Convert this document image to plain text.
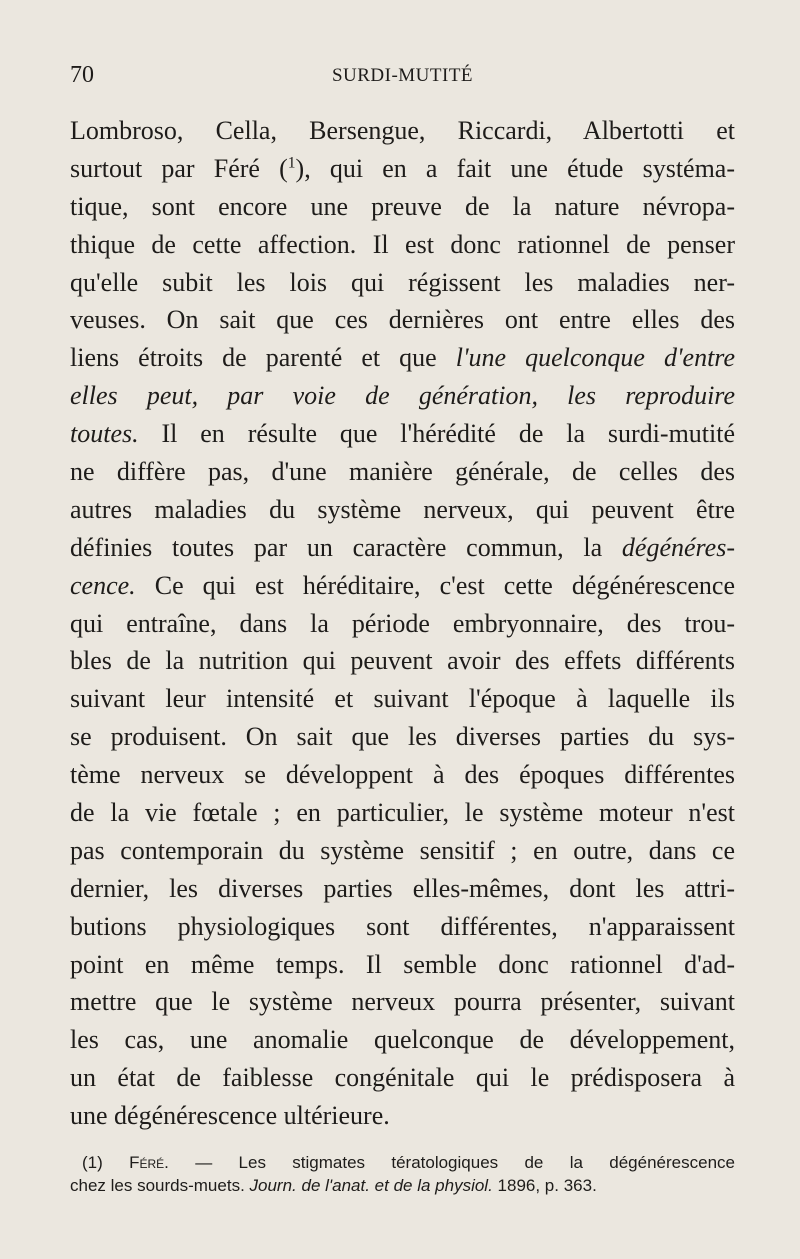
70	SURDI-MUTITÉ
Lombroso, Cella, Bersengue, Riccardi, Albertotti et
surtout par Féré ($^1$), qui en a fait une étude systéma-
tique, sont encore une preuve de la nature névropa-
thique de cette affection. Il est donc rationnel de penser
qu'elle subit les lois qui régissent les maladies ner-
veuses. On sait que ces dernières ont entre elles des
liens étroits de parenté et que l'une quelconque d'entre
elles peut, par voie de génération, les reproduire
toutes. Il en résulte que l'hérédité de la surdi-mutité
ne diffère pas, d'une manière générale, de celles des
autres maladies du système nerveux, qui peuvent être
définies toutes par un caractère commun, la dégénéres-
cence. Ce qui est héréditaire, c'est cette dégénérescence
qui entraîne, dans la période embryonnaire, des trou-
bles de la nutrition qui peuvent avoir des effets différents
suivant leur intensité et suivant l'époque à laquelle ils
se produisent. On sait que les diverses parties du sys-
tème nerveux se développent à des époques différentes
de la vie fœtale ; en particulier, le système moteur n'est
pas contemporain du système sensitif ; en outre, dans ce
dernier, les diverses parties elles-mêmes, dont les attri-
butions physiologiques sont différentes, n'apparaissent
point en même temps. Il semble donc rationnel d'ad-
mettre que le système nerveux pourra présenter, suivant
les cas, une anomalie quelconque de développement,
un état de faiblesse congénitale qui le prédisposera à
une dégénérescence ultérieure.
(1) Féré. — Les stigmates tératologiques de la dégénérescence
chez les sourds-muets. Journ. de l'anat. et de la physiol. 1896, p. 363.
